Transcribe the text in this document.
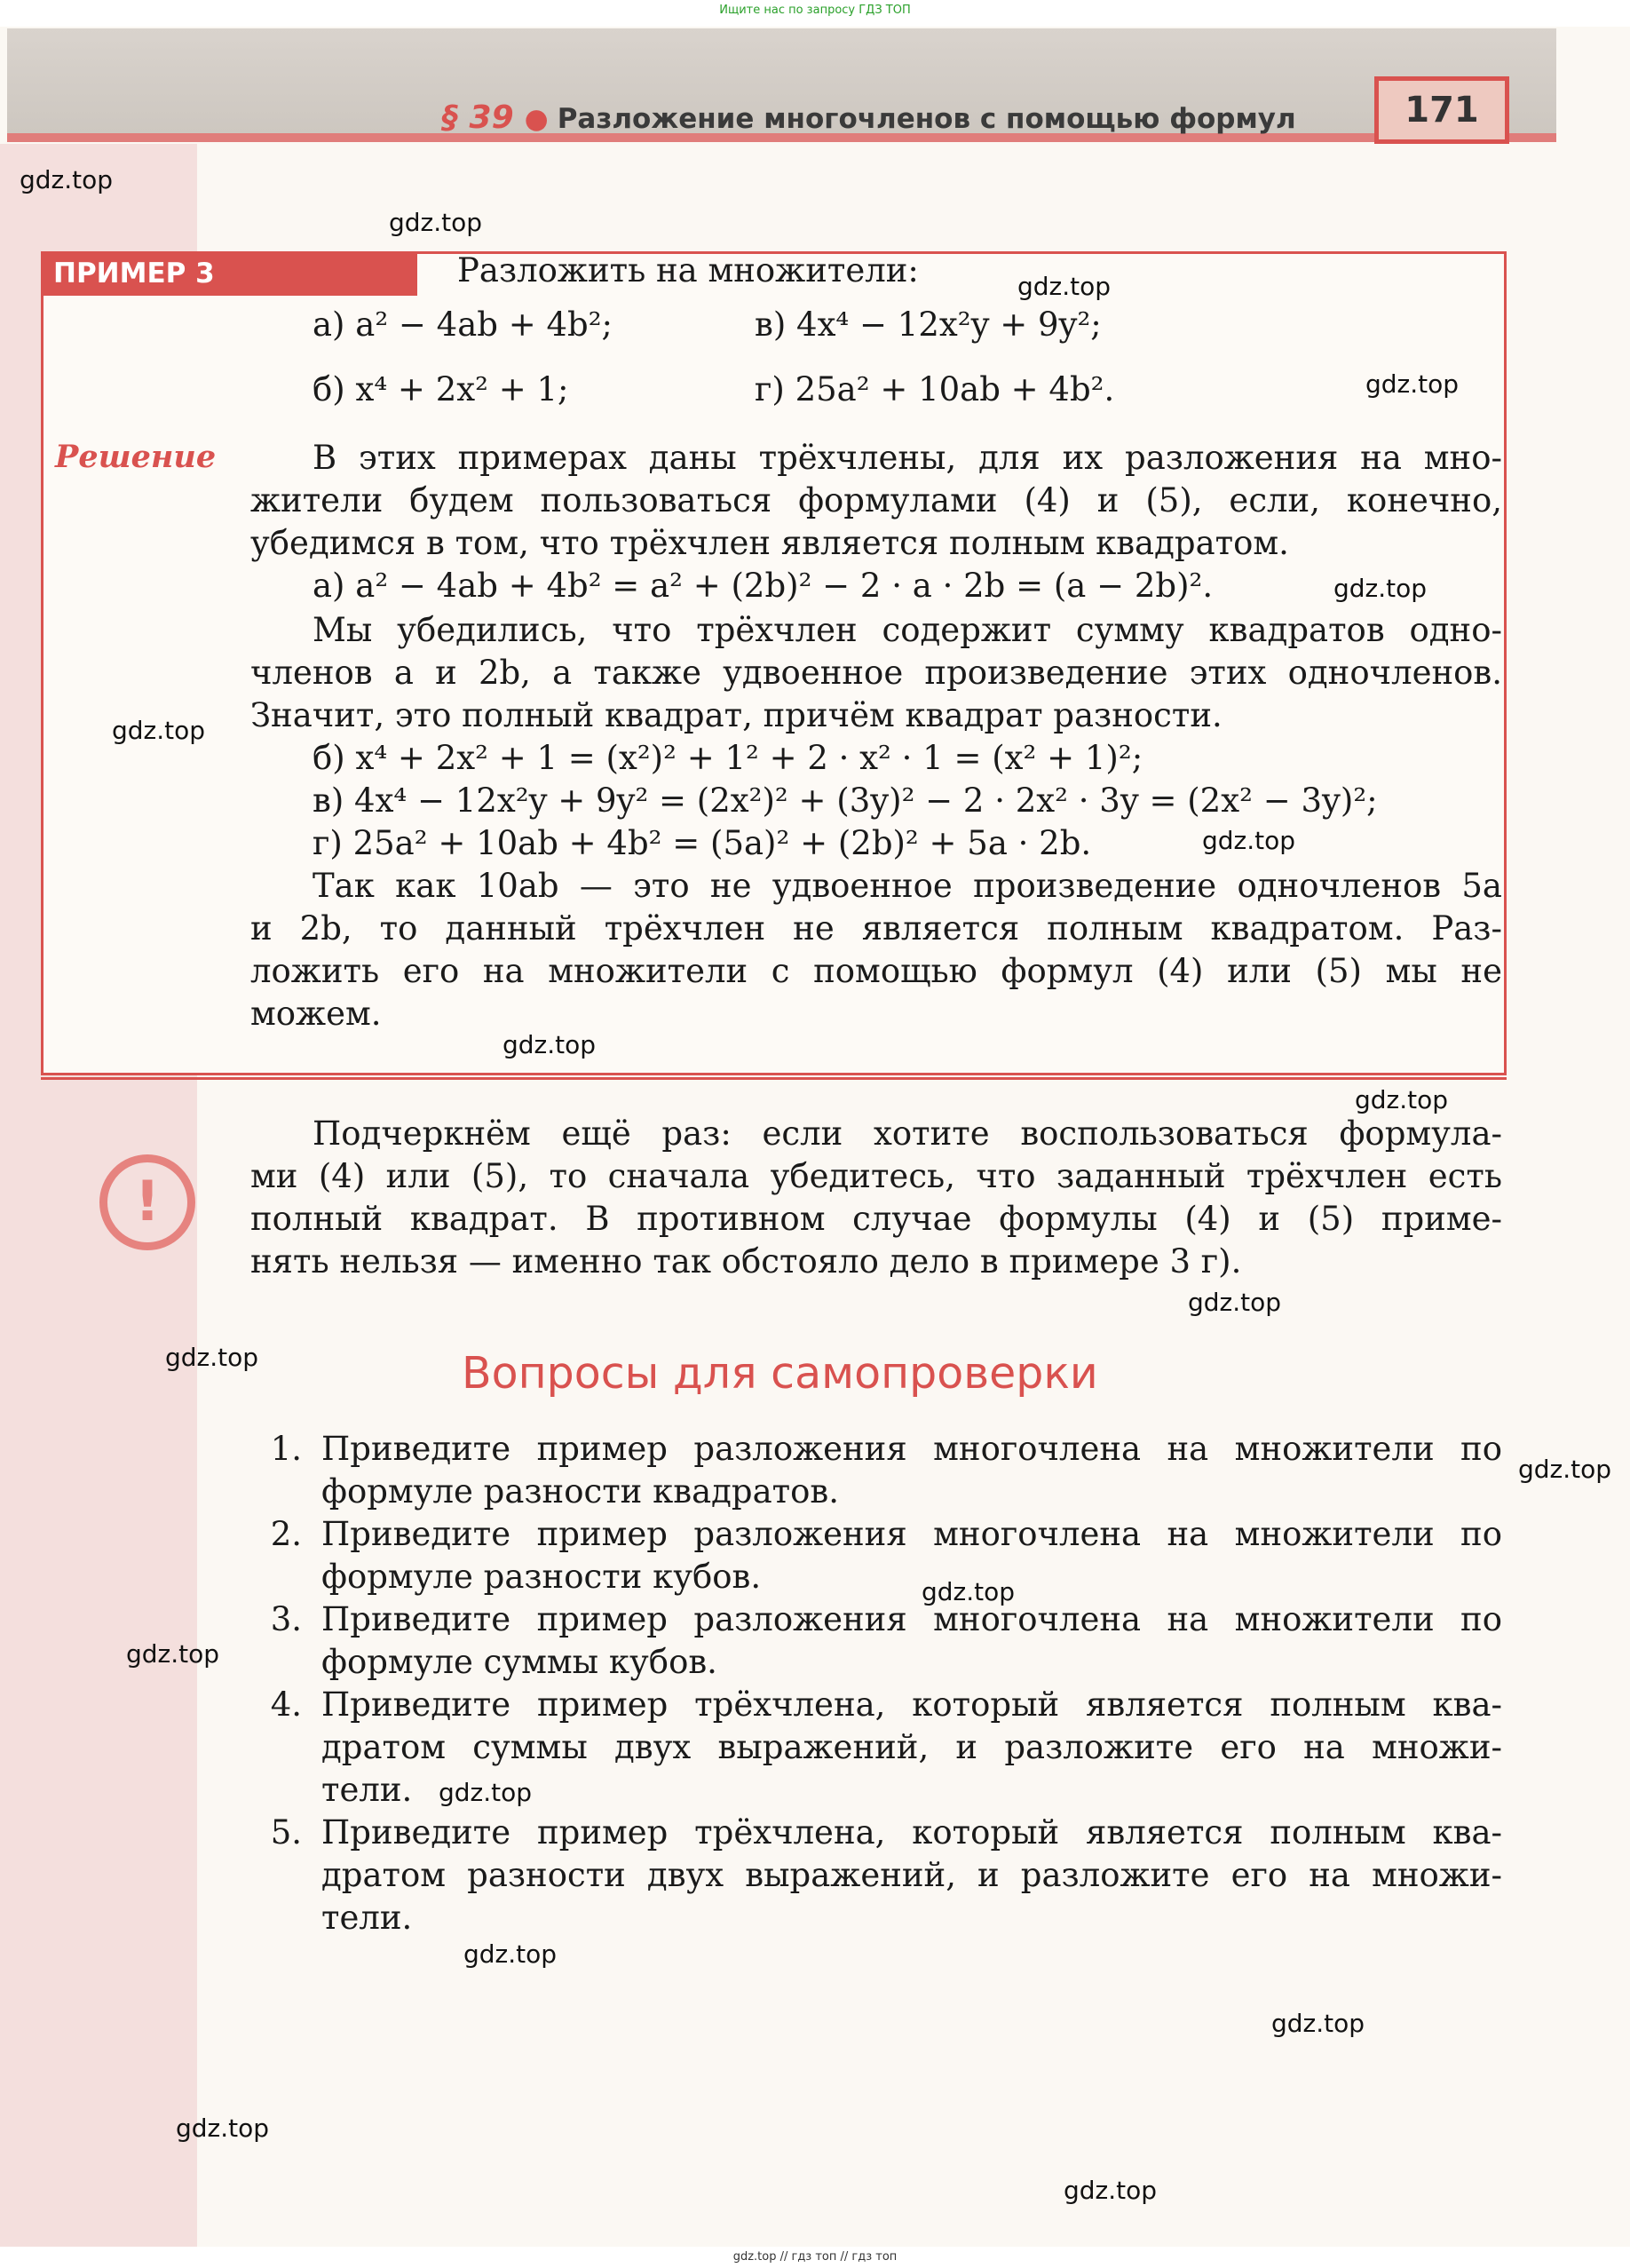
Ищите нас по запросу ГДЗ ТОП
§ 39 ● Разложение многочленов с помощью формул	171
ПРИМЕР 3	Разложить на множители:
а) a² − 4ab + 4b²;	в) 4x⁴ − 12x²y + 9y²;
б) x⁴ + 2x² + 1;	г) 25a² + 10ab + 4b².
Решение	В этих примерах даны трёхчлены, для их разложения на мно-
жители будем пользоваться формулами (4) и (5), если, конечно,
убедимся в том, что трёхчлен является полным квадратом.
а) a² − 4ab + 4b² = a² + (2b)² − 2 · a · 2b = (a − 2b)².
Мы убедились, что трёхчлен содержит сумму квадратов одно-
членов a и 2b, а также удвоенное произведение этих одночленов.
Значит, это полный квадрат, причём квадрат разности.
б) x⁴ + 2x² + 1 = (x²)² + 1² + 2 · x² · 1 = (x² + 1)²;
в) 4x⁴ − 12x²y + 9y² = (2x²)² + (3y)² − 2 · 2x² · 3y = (2x² − 3y)²;
г) 25a² + 10ab + 4b² = (5a)² + (2b)² + 5a · 2b.
Так как 10ab — это не удвоенное произведение одночленов 5a
и 2b, то данный трёхчлен не является полным квадратом. Раз-
ложить его на множители с помощью формул (4) или (5) мы не
можем.
!
Подчеркнём ещё раз: если хотите воспользоваться формула-
ми (4) или (5), то сначала убедитесь, что заданный трёхчлен есть
полный квадрат. В противном случае формулы (4) и (5) приме-
нять нельзя — именно так обстояло дело в примере 3 г).
Вопросы для самопроверки
1. Приведите пример разложения многочлена на множители по
формуле разности квадратов.
2. Приведите пример разложения многочлена на множители по
формуле разности кубов.
3. Приведите пример разложения многочлена на множители по
формуле суммы кубов.
4. Приведите пример трёхчлена, который является полным ква-
дратом суммы двух выражений, и разложите его на множи-
тели.
5. Приведите пример трёхчлена, который является полным ква-
дратом разности двух выражений, и разложите его на множи-
тели.
gdz.top
gdz.top
gdz.top
gdz.top
gdz.top
gdz.top
gdz.top
gdz.top
gdz.top
gdz.top
gdz.top
gdz.top
gdz.top
gdz.top
gdz.top
gdz.top
gdz.top
gdz.top
gdz.top
gdz.top // гдз топ // гдз топ
